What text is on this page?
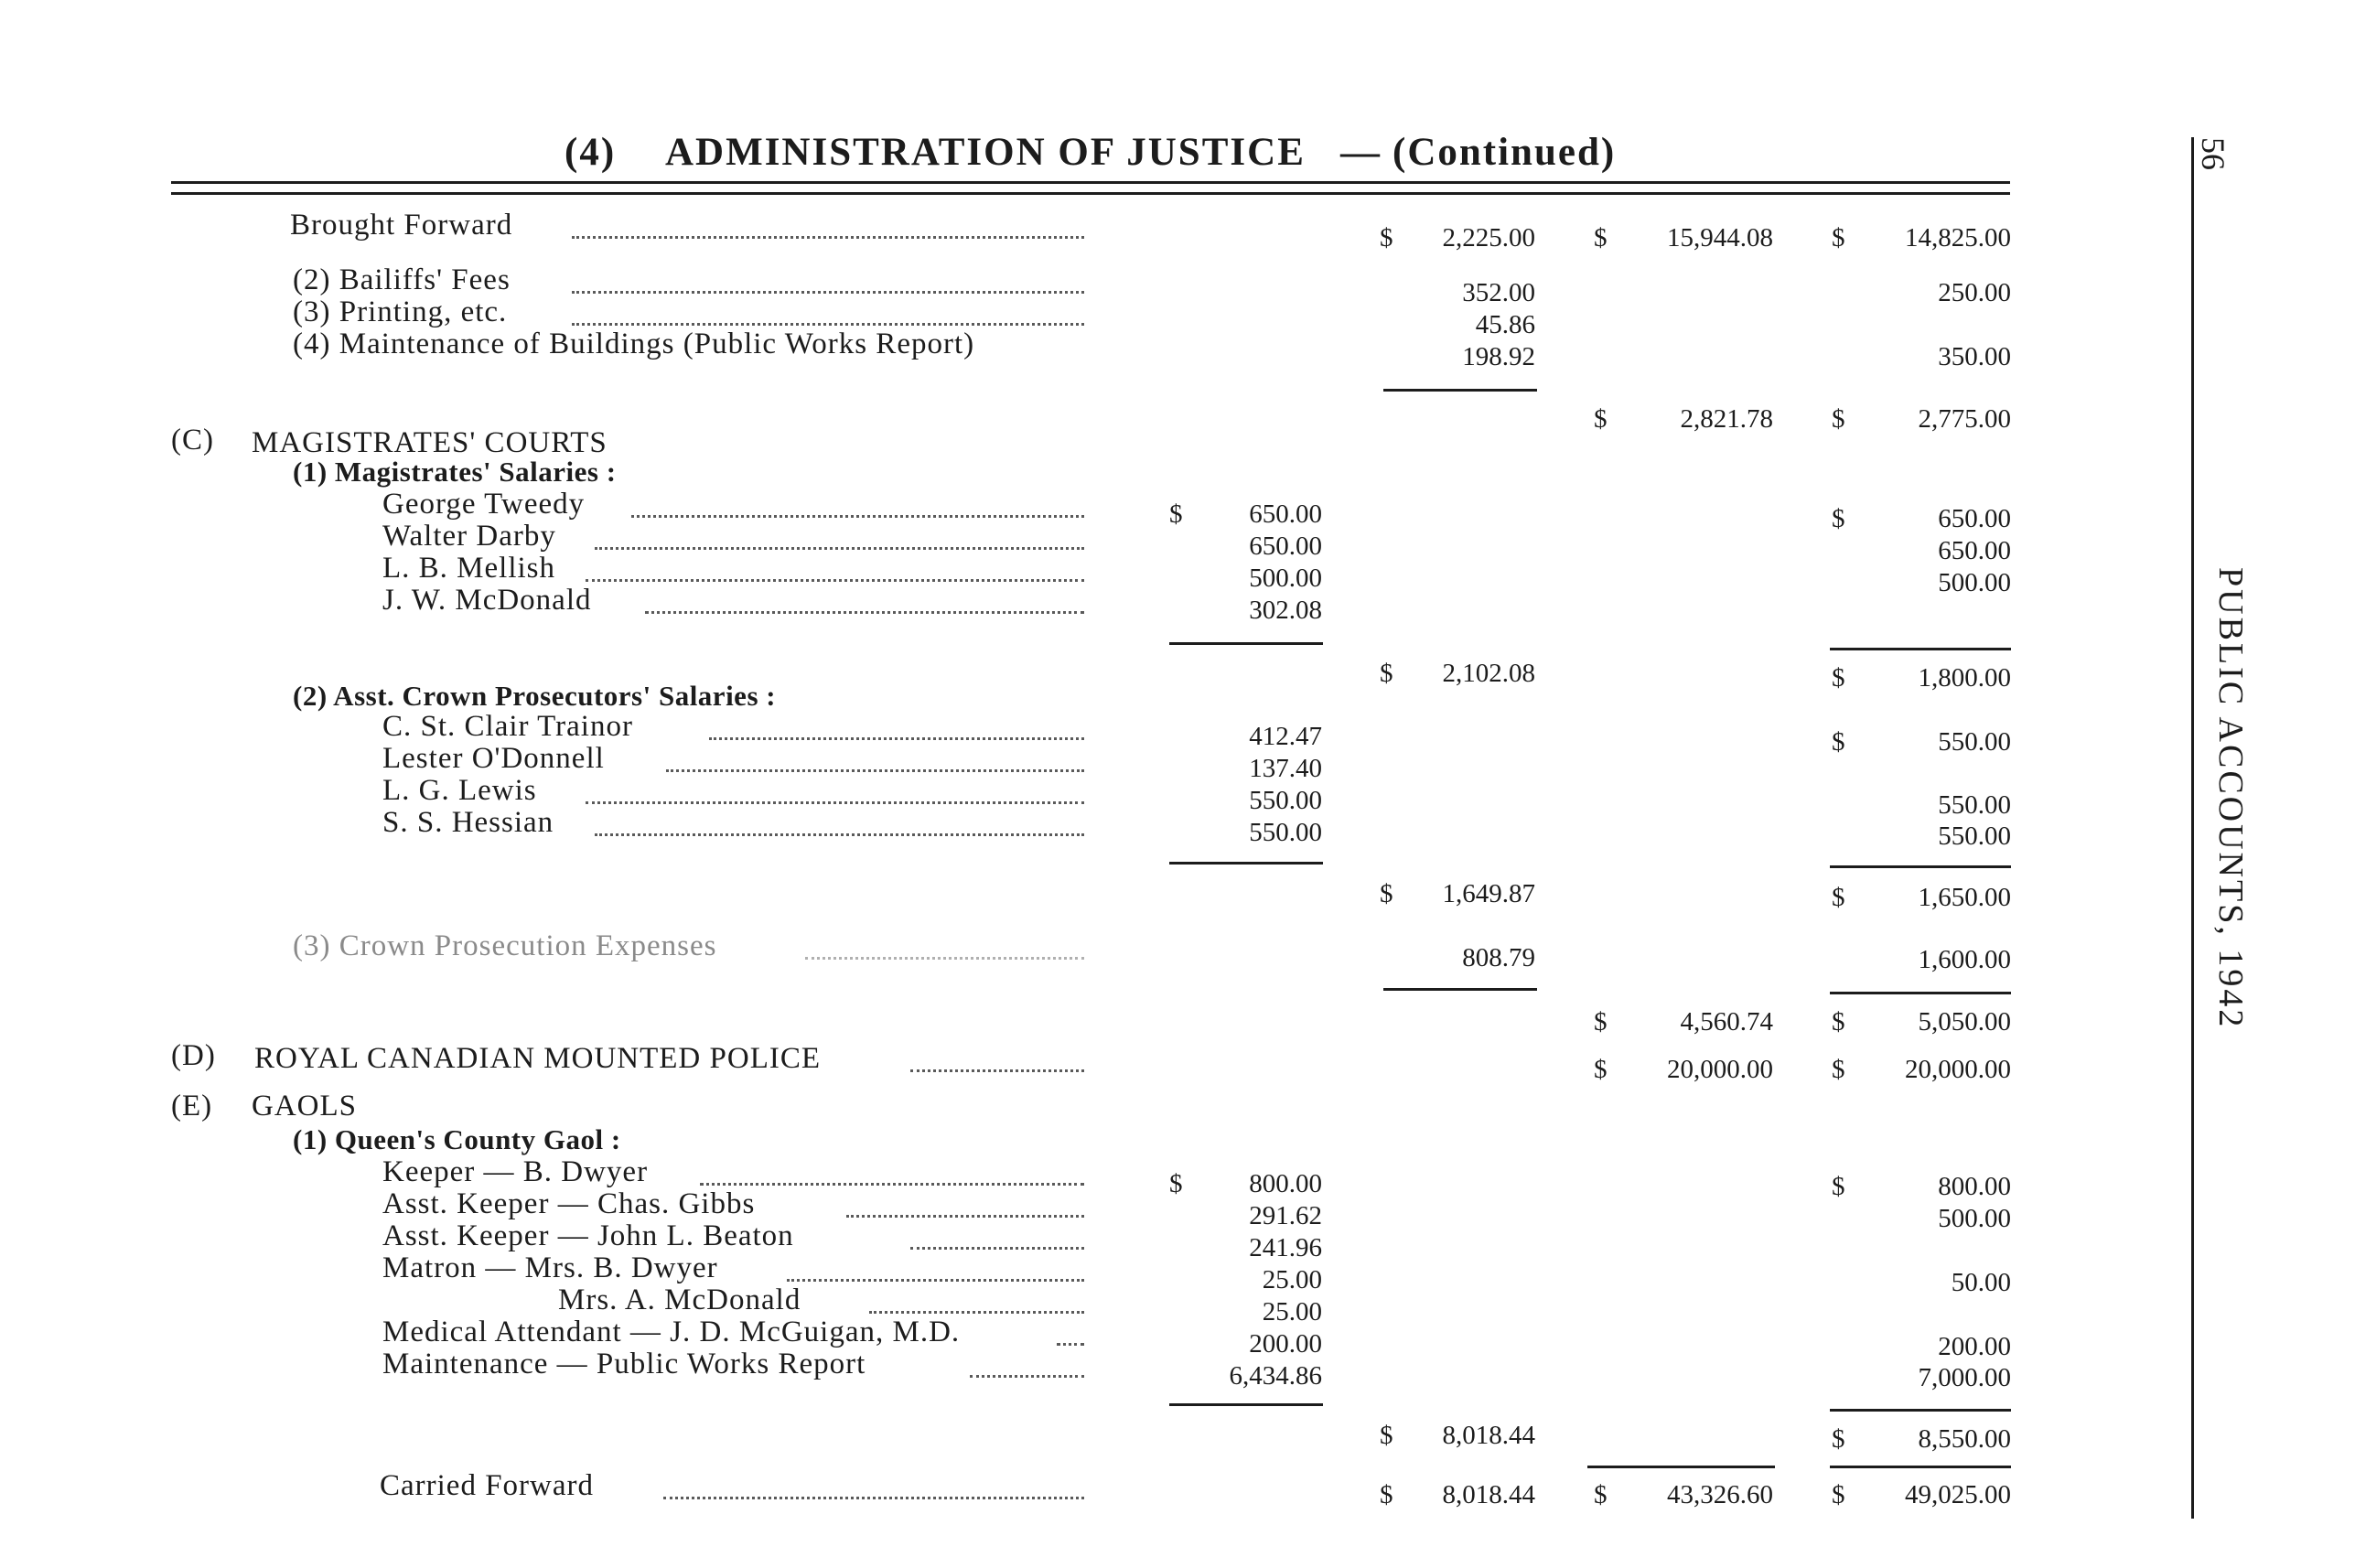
(4) ADMINISTRATION OF JUSTICE — (Continued)	56
PUBLIC ACCOUNTS, 1942
Brought Forward	$	2,225.00 $	15,944.08 $	14,825.00
(2) Bailiffs' Fees	352.00	250.00
(3) Printing, etc.	45.86
(4) Maintenance of Buildings (Public Works Report)	198.92	350.00
$	2,821.78 $	2,775.00
(C) MAGISTRATES' COURTS
(1) Magistrates' Salaries :
George Tweedy	$	650.00	$	650.00
Walter Darby	650.00	650.00
L. B. Mellish	500.00	500.00
J. W. McDonald	302.08
$	2,102.08	$	1,800.00
(2) Asst. Crown Prosecutors' Salaries :
C. St. Clair Trainor	412.47	$	550.00
Lester O'Donnell	137.40
L. G. Lewis	550.00	550.00
S. S. Hessian	550.00	550.00
$	1,649.87	$	1,650.00
(3) Crown Prosecution Expenses	808.79	1,600.00
$	4,560.74 $	5,050.00
(D) ROYAL CANADIAN MOUNTED POLICE	$	20,000.00 $	20,000.00
(E) GAOLS
(1) Queen's County Gaol :
Keeper — B. Dwyer	$	800.00	$	800.00
Asst. Keeper — Chas. Gibbs	291.62	500.00
Asst. Keeper — John L. Beaton	241.96
Matron — Mrs. B. Dwyer	25.00	50.00
Mrs. A. McDonald	25.00
Medical Attendant — J. D. McGuigan, M.D.	200.00	200.00
Maintenance — Public Works Report	6,434.86	7,000.00
$	8,018.44	$	8,550.00
Carried Forward	$	8,018.44 $	43,326.60 $	49,025.00
